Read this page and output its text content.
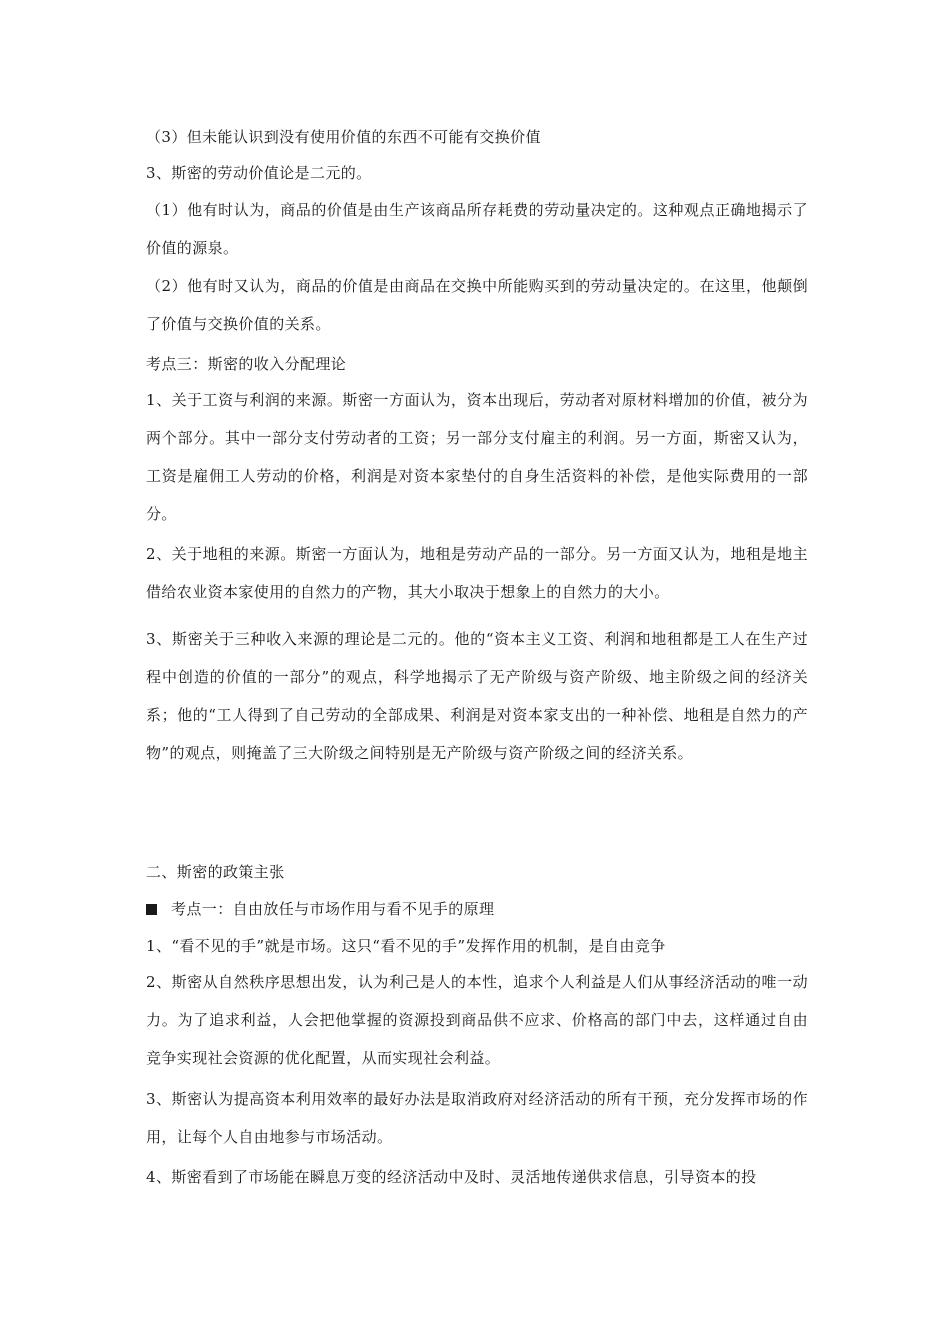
（3）但未能认识到没有使用价值的东西不可能有交换价值
3、斯密的劳动价值论是二元的。
（1）他有时认为，商品的价值是由生产该商品所存耗费的劳动量决定的。这种观点正确地揭示了价值的源泉。
（2）他有时又认为，商品的价值是由商品在交换中所能购买到的劳动量决定的。在这里，他颠倒了价值与交换价值的关系。
考点三：斯密的收入分配理论
1、关于工资与利润的来源。斯密一方面认为，资本出现后，劳动者对原材料增加的价值，被分为两个部分。其中一部分支付劳动者的工资；另一部分支付雇主的利润。另一方面，斯密又认为，工资是雇佣工人劳动的价格，利润是对资本家垫付的自身生活资料的补偿，是他实际费用的一部分。
2、关于地租的来源。斯密一方面认为，地租是劳动产品的一部分。另一方面又认为，地租是地主借给农业资本家使用的自然力的产物，其大小取决于想象上的自然力的大小。
3、斯密关于三种收入来源的理论是二元的。他的“资本主义工资、利润和地租都是工人在生产过程中创造的价值的一部分”的观点，科学地揭示了无产阶级与资产阶级、地主阶级之间的经济关系；他的“工人得到了自己劳动的全部成果、利润是对资本家支出的一种补偿、地租是自然力的产物”的观点，则掩盖了三大阶级之间特别是无产阶级与资产阶级之间的经济关系。
二、斯密的政策主张
考点一：自由放任与市场作用与看不见手的原理
1、“看不见的手”就是市场。这只“看不见的手”发挥作用的机制，是自由竞争
2、斯密从自然秩序思想出发，认为利己是人的本性，追求个人利益是人们从事经济活动的唯一动力。为了追求利益，人会把他掌握的资源投到商品供不应求、价格高的部门中去，这样通过自由竞争实现社会资源的优化配置，从而实现社会利益。
3、斯密认为提高资本利用效率的最好办法是取消政府对经济活动的所有干预，充分发挥市场的作用，让每个人自由地参与市场活动。
4、斯密看到了市场能在瞬息万变的经济活动中及时、灵活地传递供求信息，引导资本的投
